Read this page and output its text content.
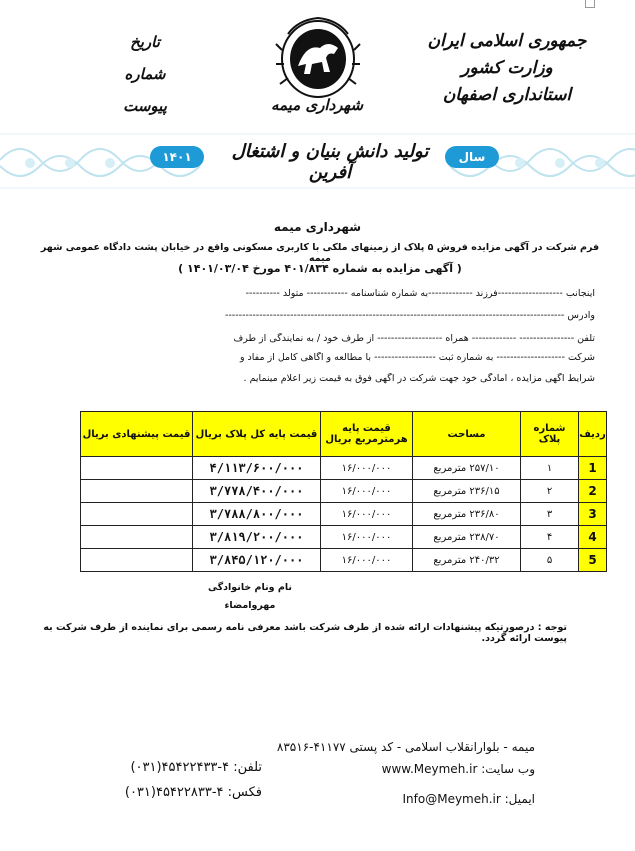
جمهوری اسلامی ایران
وزارت کشور
استانداری اصفهان
تاریخ
شماره
پیوست	شهرداری میمه
تولید دانش بنیان و اشتغال آفرین
سال
۱۴۰۱
شهرداری میمه
فرم شرکت در آگهی مزایده فروش ۵ پلاک از زمینهای ملکی با کاربری مسکونی واقع در خیابان پشت دادگاه عمومی شهر میمه
( آگهی مزایده به شماره ۴۰۱/۸۳۴ مورخ ۱۴۰۱/۰۳/۰۴ )
اینجانب -------------------فرزند -------------به شماره شناسنامه ------------ متولد ----------
وآدرس ---------------------------------------------------------------------------------------------------
تلفن ---------------- ------------- همراه ------------------- از طرف خود / به نمایندگی از طرف
شرکت -------------------- به شماره ثبت ------------------ با مطالعه و آگاهی کامل از مفاد و
شرایط آگهی مزایده ، آمادگی خود جهت شرکت در آگهی فوق به قیمت زیر اعلام مینمایم .
ردیف	شماره پلاک	مساحت	قیمت پایه هرمترمربع بریال	قیمت پایه کل پلاک بریال	قیمت پیشنهادی بریال
1	۱	۲۵۷/۱۰ مترمربع	۱۶/۰۰۰/۰۰۰	۴/۱۱۳/۶۰۰/۰۰۰	
2	۲	۲۳۶/۱۵ مترمربع	۱۶/۰۰۰/۰۰۰	۳/۷۷۸/۴۰۰/۰۰۰	
3	۳	۲۳۶/۸۰ مترمربع	۱۶/۰۰۰/۰۰۰	۳/۷۸۸/۸۰۰/۰۰۰	
4	۴	۲۳۸/۷۰ مترمربع	۱۶/۰۰۰/۰۰۰	۳/۸۱۹/۲۰۰/۰۰۰	
5	۵	۲۴۰/۳۲ مترمربع	۱۶/۰۰۰/۰۰۰	۳/۸۴۵/۱۲۰/۰۰۰	
نام ونام خانوادگی
مهروامضاء
توجه : درصورتیکه پیشنهادات ارائه شده از طرف شرکت باشد معرفی نامه رسمی برای نماینده از طرف شرکت به پیوست ارائه گردد.
میمه - بلوارانقلاب اسلامی - کد پستی ۴۱۱۷۷-۸۳۵۱۶
وب سایت: www.Meymeh.ir
ایمیل: Info@Meymeh.ir
تلفن: ۴-۴۵۴۲۲۴۳۳(۰۳۱)
فکس: ۴-۴۵۴۲۲۸۳۳(۰۳۱)
